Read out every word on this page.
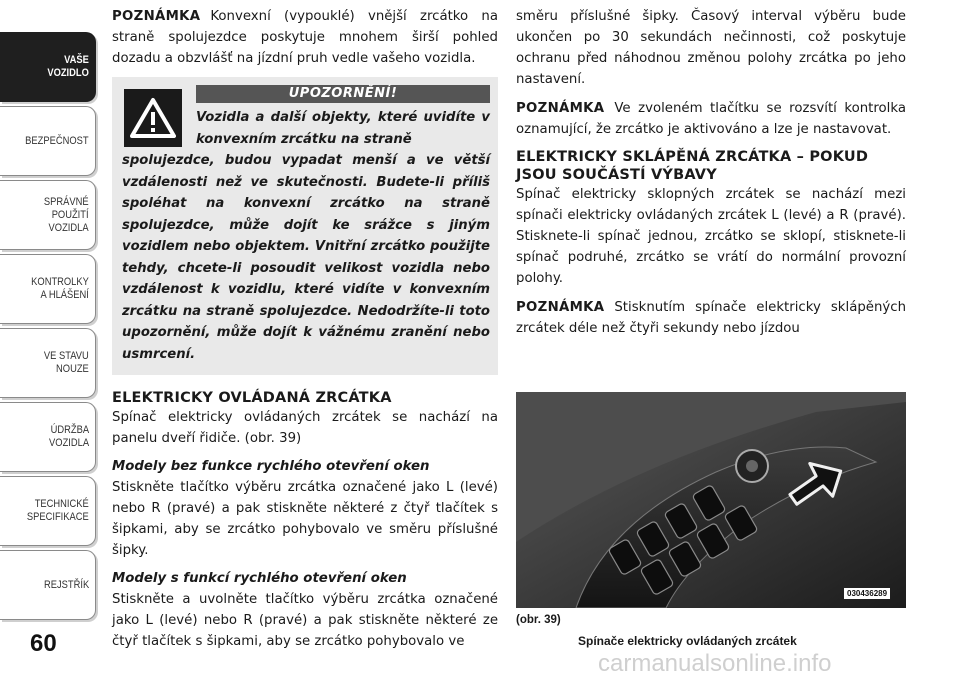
VAŠE
VOZIDLO
BEZPEČNOST
SPRÁVNÉ
POUŽITÍ
VOZIDLA
KONTROLKY
A HLÁŠENÍ
VE STAVU
NOUZE
ÚDRŽBA
VOZIDLA
TECHNICKÉ
SPECIFIKACE
REJSTŘÍK
60

POZNÁMKA Konvexní (vypouklé) vnější zrcátko na straně spolujezdce poskytuje mnohem širší pohled dozadu a obzvlášť na jízdní pruh vedle vašeho vozidla.

UPOZORNĚNÍ!
Vozidla a další objekty, které uvidíte v konvexním zrcátku na straně
spolujezdce, budou vypadat menší a ve větší vzdálenosti než ve skutečnosti. Budete-li příliš spoléhat na konvexní zrcátko na straně spolujezdce, může dojít ke srážce s jiným vozidlem nebo objektem. Vnitřní zrcátko použijte tehdy, chcete-li posoudit velikost vozidla nebo vzdálenost k vozidlu, které vidíte v konvexním zrcátku na straně spolujezdce. Nedodržíte-li toto upozornění, může dojít k vážnému zranění nebo usmrcení.
ELEKTRICKY OVLÁDANÁ ZRCÁTKA

Spínač elektricky ovládaných zrcátek se nachází na panelu dveří řidiče. (obr. 39)

Modely bez funkce rychlého otevření oken

Stiskněte tlačítko výběru zrcátka označené jako L (levé) nebo R (pravé) a pak stiskněte některé z čtyř tlačítek s šipkami, aby se zrcátko pohybovalo ve směru příslušné šipky.

Modely s funkcí rychlého otevření oken

Stiskněte a uvolněte tlačítko výběru zrcátka označené jako L (levé) nebo R (pravé) a pak stiskněte některé ze čtyř tlačítek s šipkami, aby se zrcátko pohybovalo ve

směru příslušné šipky. Časový interval výběru bude ukončen po 30 sekundách nečinnosti, což poskytuje ochranu před náhodnou změnou polohy zrcátka po jeho nastavení.

POZNÁMKA Ve zvoleném tlačítku se rozsvítí kontrolka oznamující, že zrcátko je aktivováno a lze je nastavovat.

ELEKTRICKY SKLÁPĚNÁ ZRCÁTKA – POKUD JSOU SOUČÁSTÍ VÝBAVY

Spínač elektricky sklopných zrcátek se nachází mezi spínači elektricky ovládaných zrcátek L (levé) a R (pravé). Stisknete-li spínač jednou, zrcátko se sklopí, stisknete-li spínač podruhé, zrcátko se vrátí do normální provozní polohy.

POZNÁMKA Stisknutím spínače elektricky sklápěných zrcátek déle než čtyři sekundy nebo jízdou

030436289
(obr. 39)
Spínače elektricky ovládaných zrcátek
carmanualsonline.info
